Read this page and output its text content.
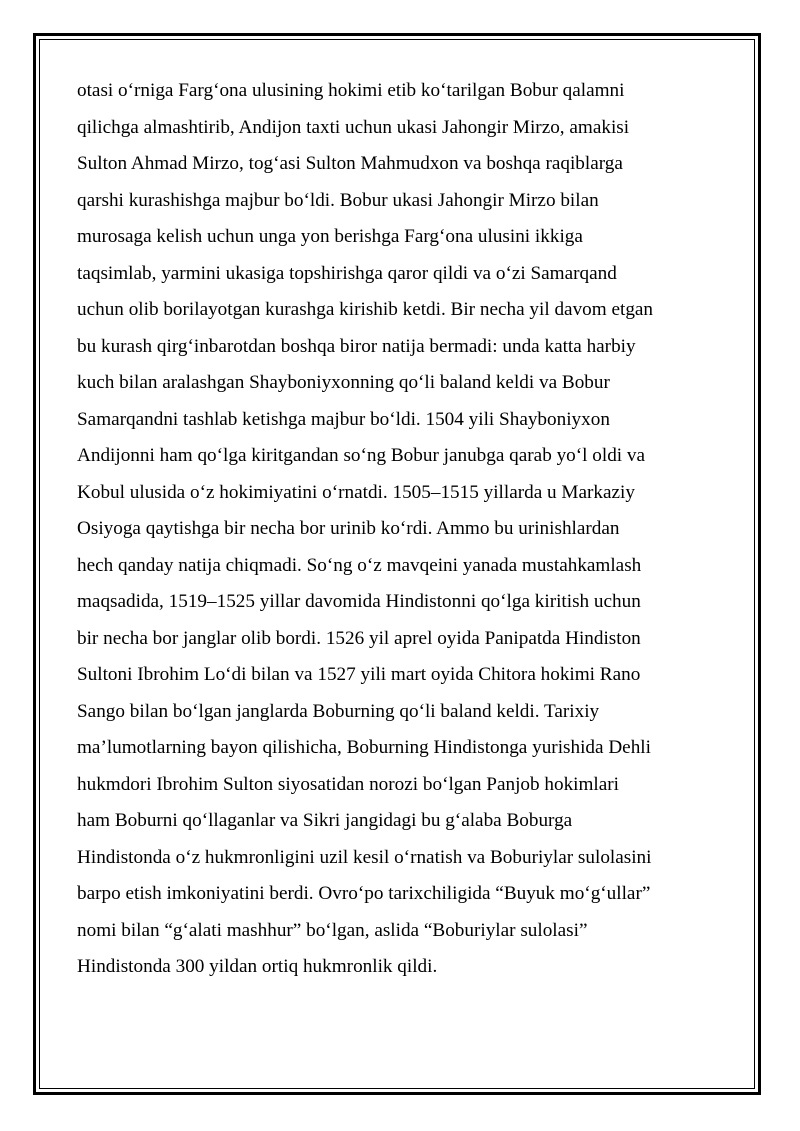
otasi o‘rniga Farg‘ona ulusining hokimi etib ko‘tarilgan Bobur qalamni
qilichga almashtirib, Andijon taxti uchun ukasi Jahongir Mirzo, amakisi
Sulton Ahmad Mirzo, tog‘asi Sulton Mahmudxon va boshqa raqiblarga
qarshi kurashishga majbur bo‘ldi. Bobur ukasi Jahongir Mirzo bilan
murosaga kelish uchun unga yon berishga Farg‘ona ulusini ikkiga
taqsimlab, yarmini ukasiga topshirishga qaror qildi va o‘zi Samarqand
uchun olib borilayotgan kurashga kirishib ketdi. Bir necha yil davom etgan
bu kurash qirg‘inbarotdan boshqa biror natija bermadi: unda katta harbiy
kuch bilan aralashgan Shayboniyxonning qo‘li baland keldi va Bobur
Samarqandni tashlab ketishga majbur bo‘ldi. 1504 yili Shayboniyxon
Andijonni ham qo‘lga kiritgandan so‘ng Bobur janubga qarab yo‘l oldi va
Kobul ulusida o‘z hokimiyatini o‘rnatdi. 1505–1515 yillarda u Markaziy
Osiyoga qaytishga bir necha bor urinib ko‘rdi. Ammo bu urinishlardan
hech qanday natija chiqmadi. So‘ng o‘z mavqeini yanada mustahkamlash
maqsadida, 1519–1525 yillar davomida Hindistonni qo‘lga kiritish uchun
bir necha bor janglar olib bordi. 1526 yil aprel oyida Panipatda Hindiston
Sultoni Ibrohim Lo‘di bilan va 1527 yili mart oyida Chitora hokimi Rano
Sango bilan bo‘lgan janglarda Boburning qo‘li baland keldi. Tarixiy
ma’lumotlarning bayon qilishicha, Boburning Hindistonga yurishida Dehli
hukmdori Ibrohim Sulton siyosatidan norozi bo‘lgan Panjob hokimlari
ham Boburni qo‘llaganlar va Sikri jangidagi bu g‘alaba Boburga
Hindistonda o‘z hukmronligini uzil kesil o‘rnatish va Boburiylar sulolasini
barpo etish imkoniyatini berdi. Ovro‘po tarixchiligida “Buyuk mo‘g‘ullar”
nomi bilan “g‘alati mashhur” bo‘lgan, aslida “Boburiylar sulolasi”
Hindistonda 300 yildan ortiq hukmronlik qildi.
